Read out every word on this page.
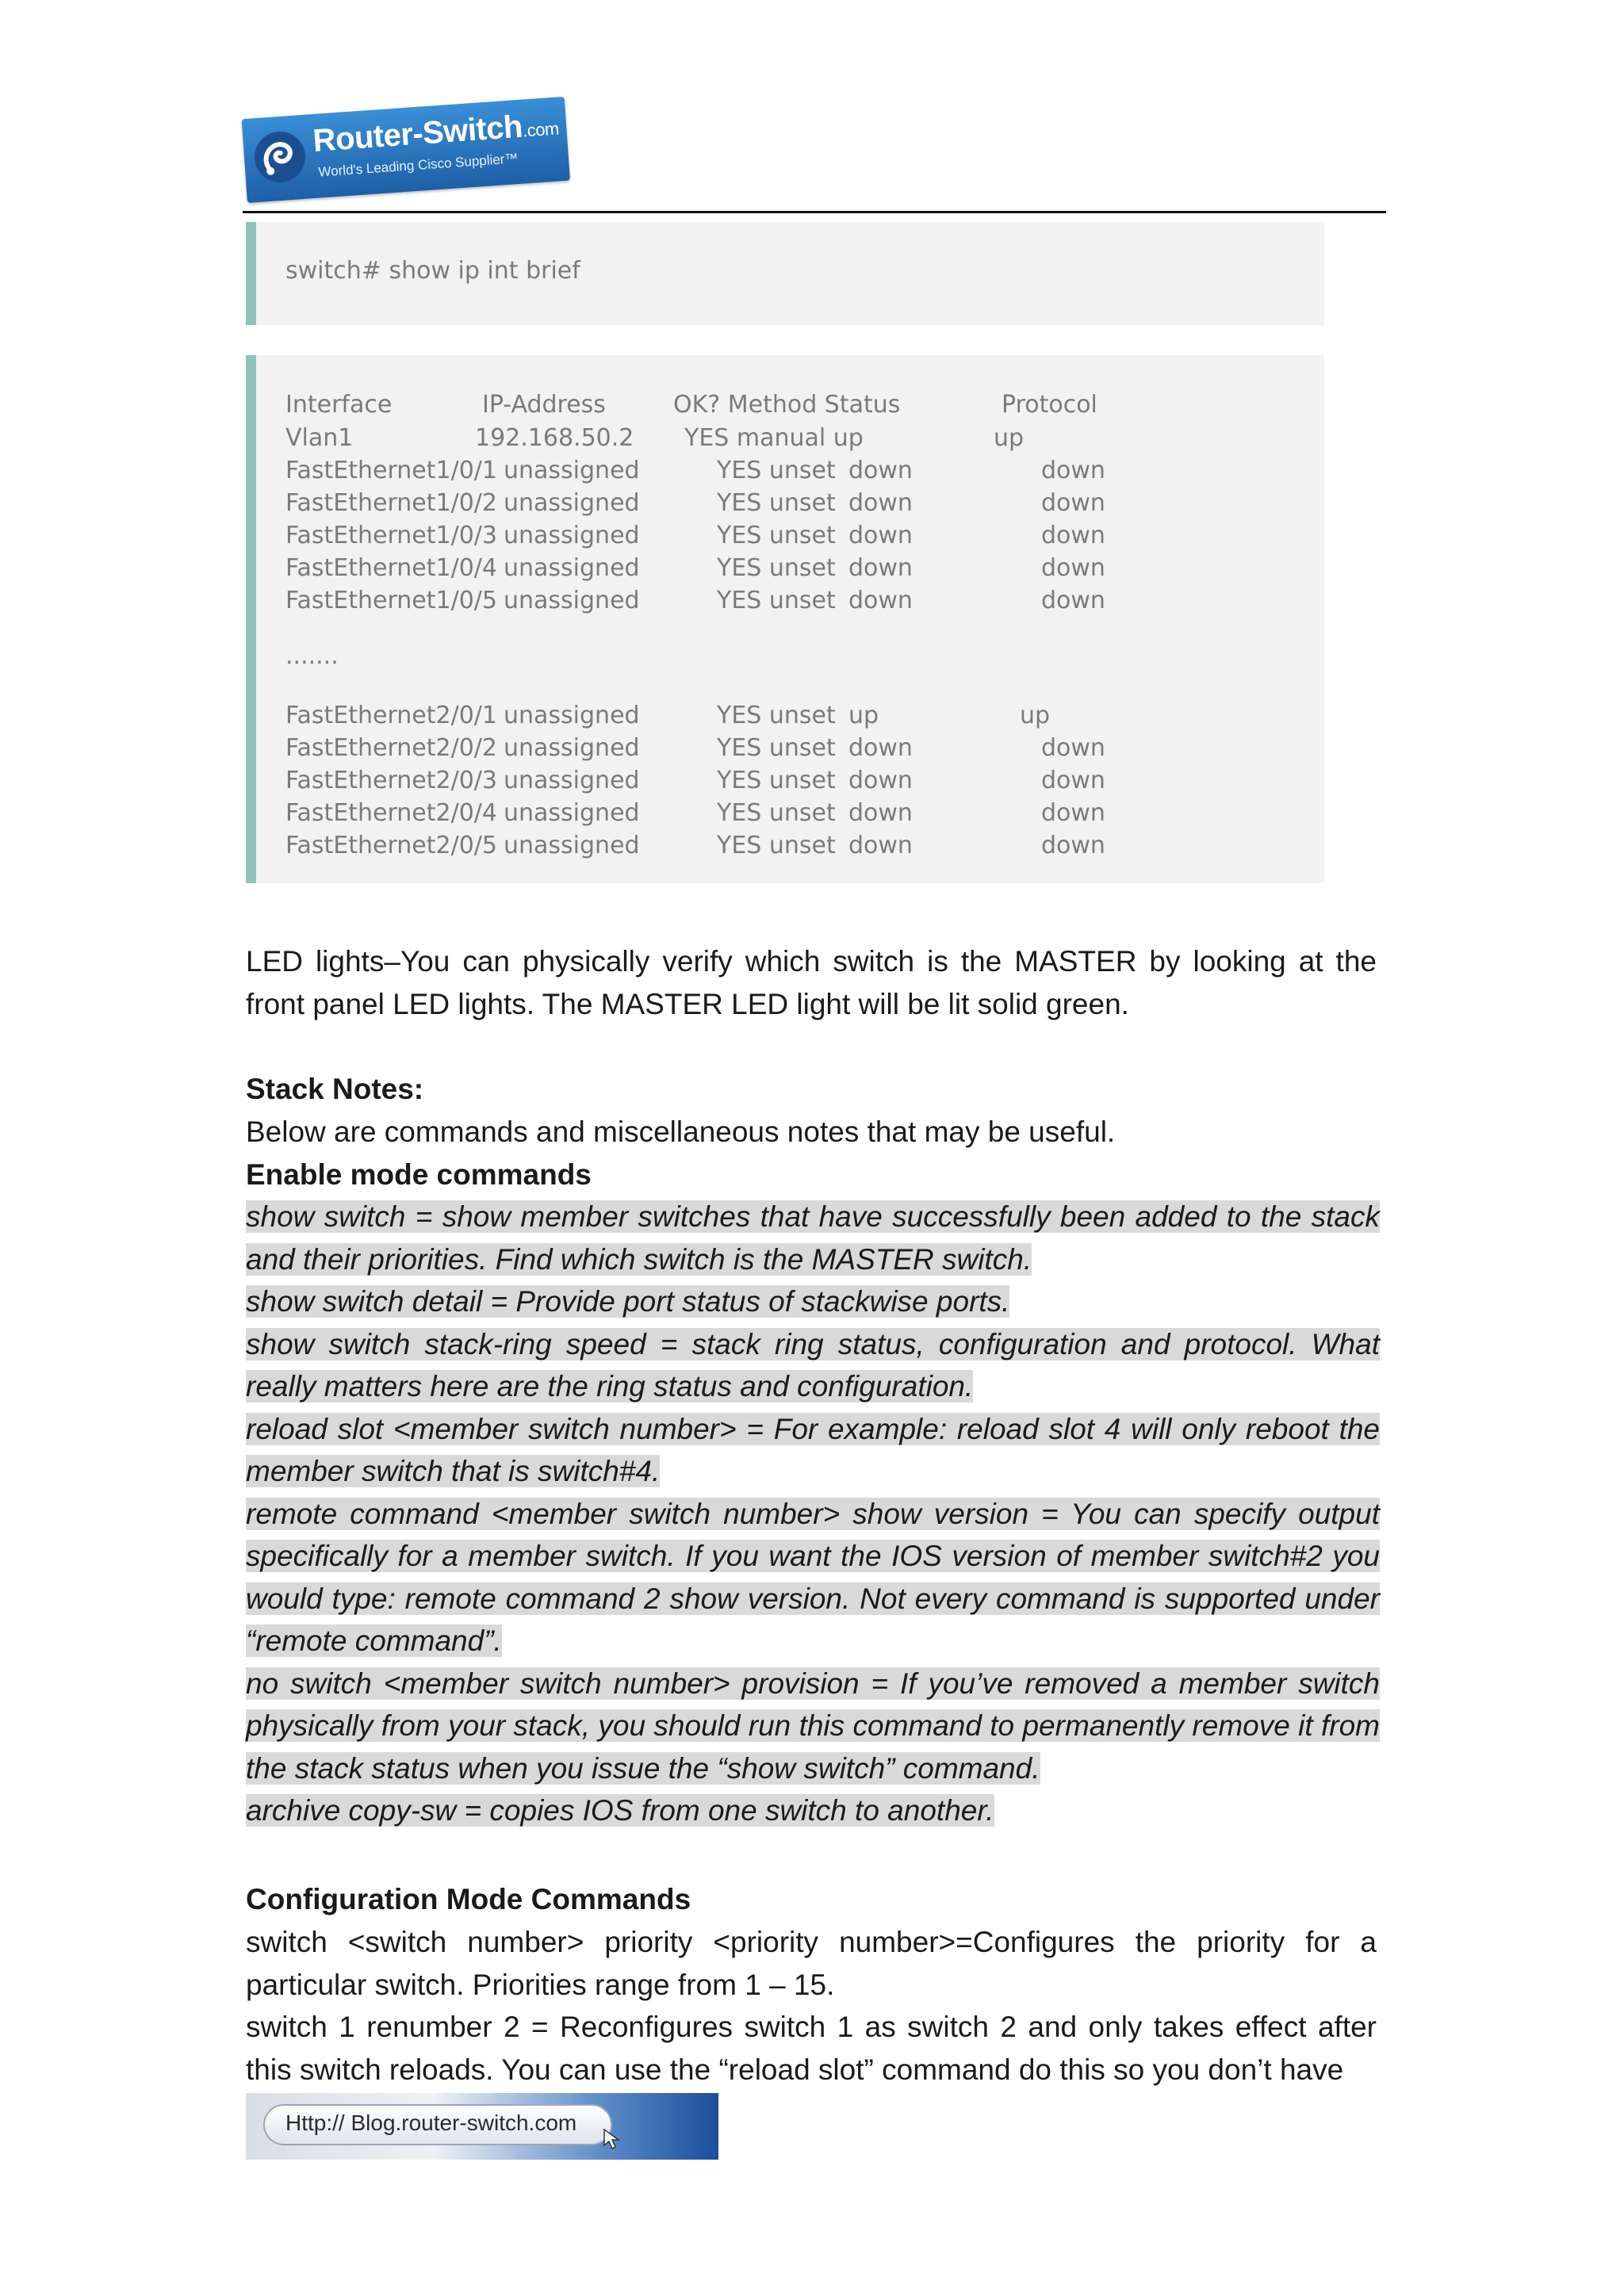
Router-Switch.com
World's Leading Cisco Supplier™
switch# show ip int brief
Interface	IP-Address	OK? Method Status	Protocol
Vlan1	192.168.50.2 YES manual up	up
FastEthernet1/0/1 unassigned	YES unset down	down
FastEthernet1/0/2 unassigned	YES unset down	down
FastEthernet1/0/3 unassigned	YES unset down	down
FastEthernet1/0/4 unassigned	YES unset down	down
FastEthernet1/0/5 unassigned	YES unset down	down
.......
FastEthernet2/0/1 unassigned	YES unset up	up
FastEthernet2/0/2 unassigned	YES unset down	down
FastEthernet2/0/3 unassigned	YES unset down	down
FastEthernet2/0/4 unassigned	YES unset down	down
FastEthernet2/0/5 unassigned	YES unset down	down

LED lights–You can physically verify which switch is the MASTER by looking at the front panel LED lights. The MASTER LED light will be lit solid green.

Stack Notes:

Below are commands and miscellaneous notes that may be useful.

Enable mode commands

show switch = show member switches that have successfully been added to the stack and their priorities. Find which switch is the MASTER switch.

show switch detail = Provide port status of stackwise ports.

show switch stack-ring speed = stack ring status, configuration and protocol. What really matters here are the ring status and configuration.

reload slot <member switch number> = For example: reload slot 4 will only reboot the member switch that is switch#4.

remote command <member switch number> show version = You can specify output specifically for a member switch. If you want the IOS version of member switch#2 you would type: remote command 2 show version. Not every command is supported under “remote command”.

no switch <member switch number> provision = If you’ve removed a member switch physically from your stack, you should run this command to permanently remove it from the stack status when you issue the “show switch” command.

archive copy-sw = copies IOS from one switch to another.

Configuration Mode Commands

switch <switch number> priority <priority number>=Configures the priority for a particular switch. Priorities range from 1 – 15.

switch 1 renumber 2 = Reconfigures switch 1 as switch 2 and only takes effect after this switch reloads. You can use the “reload slot” command do this so you don’t have

Http:// Blog.router-switch.com
